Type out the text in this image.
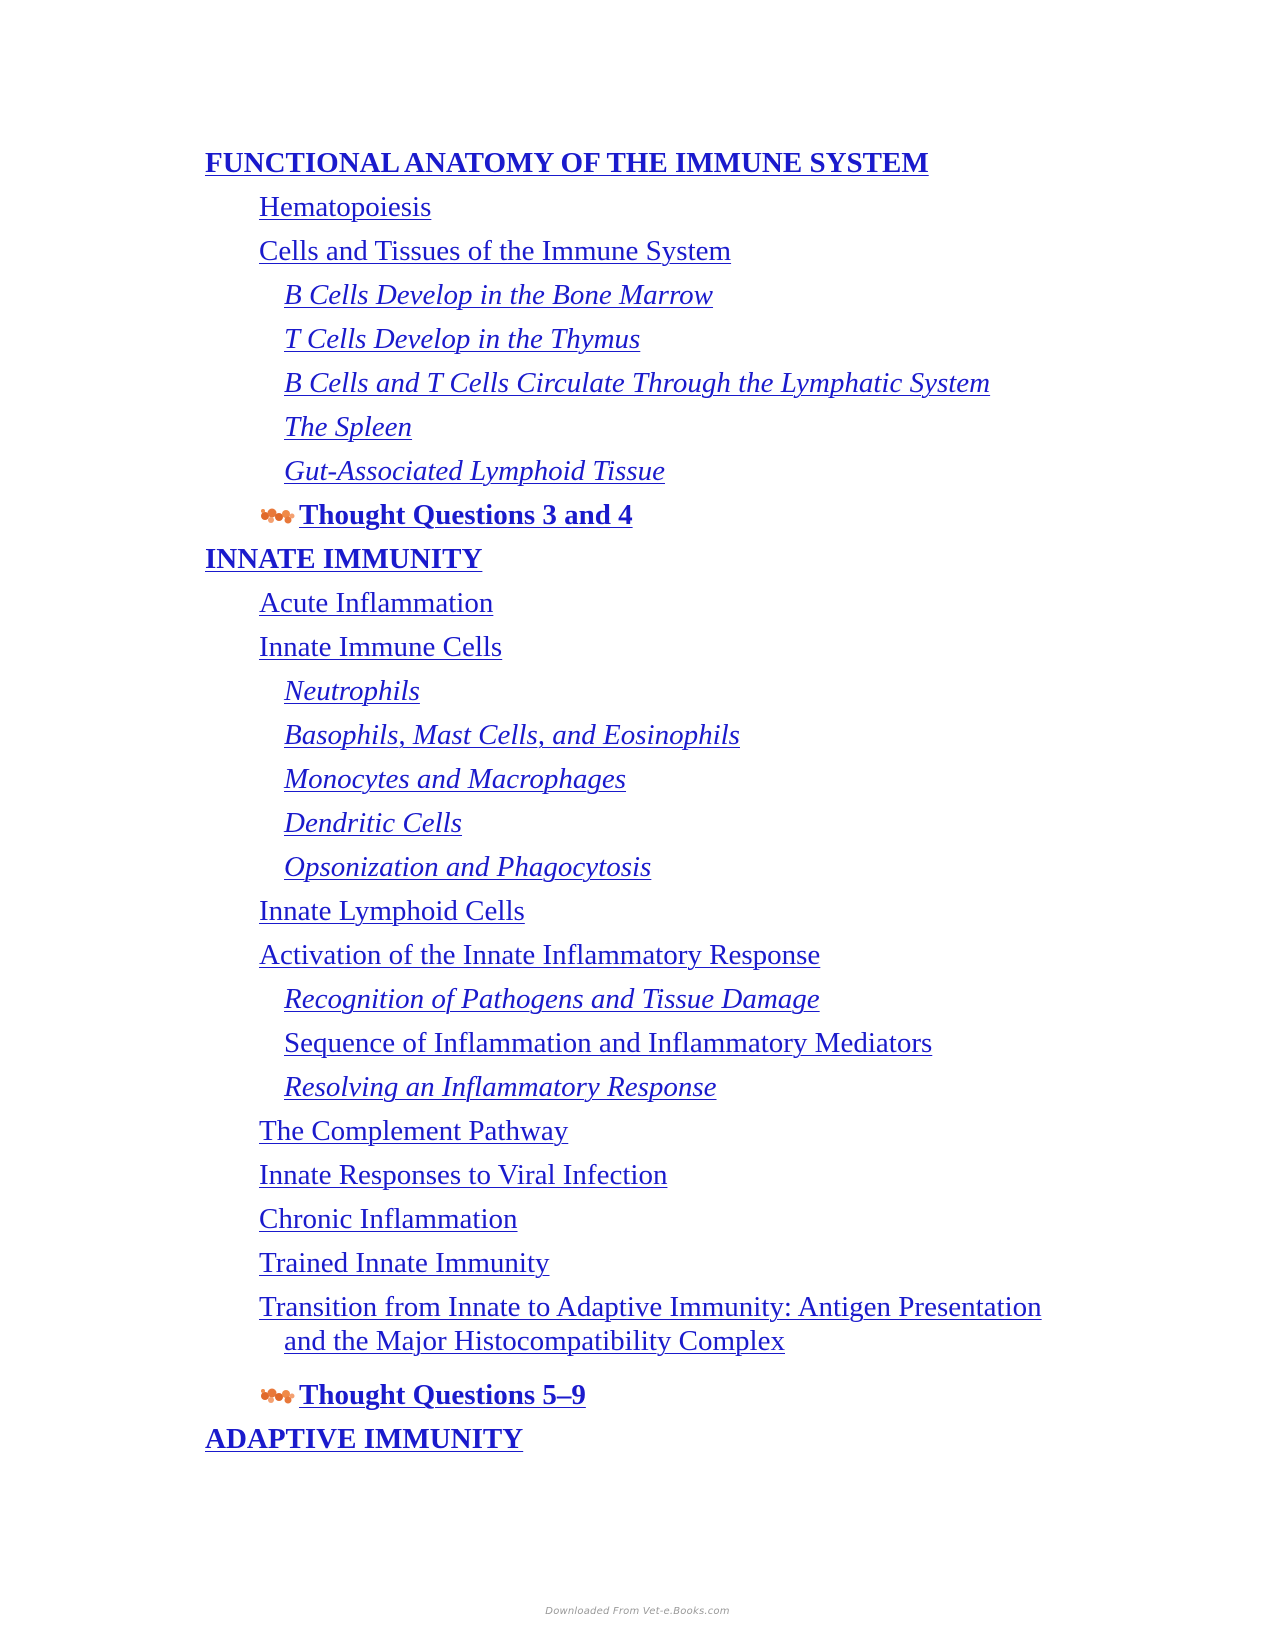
FUNCTIONAL ANATOMY OF THE IMMUNE SYSTEM
Hematopoiesis
Cells and Tissues of the Immune System
B Cells Develop in the Bone Marrow
T Cells Develop in the Thymus
B Cells and T Cells Circulate Through the Lymphatic System
The Spleen
Gut-Associated Lymphoid Tissue
Thought Questions 3 and 4
INNATE IMMUNITY
Acute Inflammation
Innate Immune Cells
Neutrophils
Basophils, Mast Cells, and Eosinophils
Monocytes and Macrophages
Dendritic Cells
Opsonization and Phagocytosis
Innate Lymphoid Cells
Activation of the Innate Inflammatory Response
Recognition of Pathogens and Tissue Damage
Sequence of Inflammation and Inflammatory Mediators
Resolving an Inflammatory Response
The Complement Pathway
Innate Responses to Viral Infection
Chronic Inflammation
Trained Innate Immunity
Transition from Innate to Adaptive Immunity: Antigen Presentation
and the Major Histocompatibility Complex
Thought Questions 5–9
ADAPTIVE IMMUNITY
Downloaded From Vet-e.Books.com
